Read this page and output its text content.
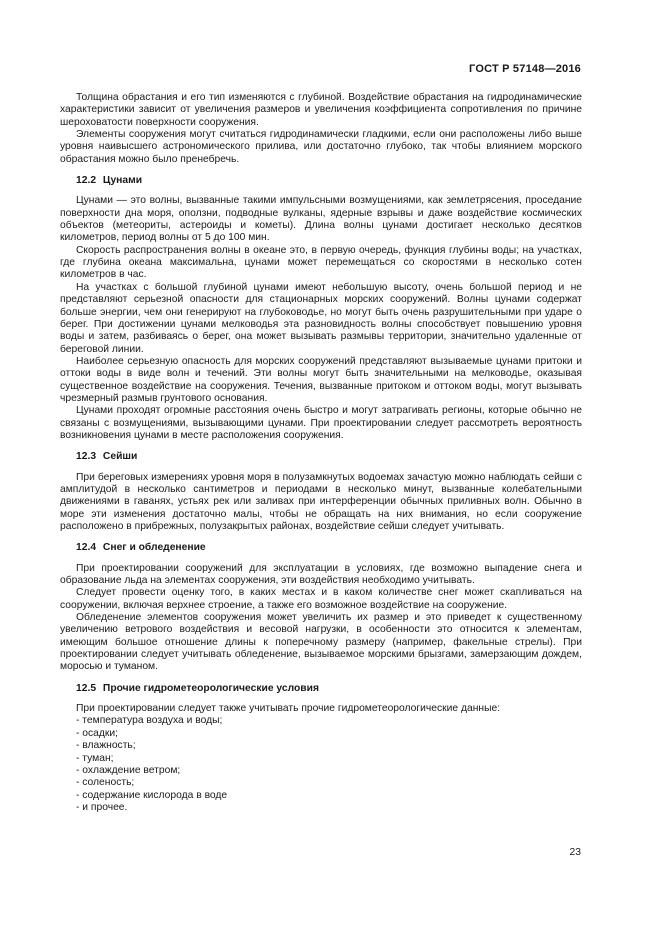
ГОСТ Р 57148—2016

Толщина обрастания и его тип изменяются с глубиной. Воздействие обрастания на гидродинамические характеристики зависит от увеличения размеров и увеличения коэффициента сопротивления по причине шероховатости поверхности сооружения.

Элементы сооружения могут считаться гидродинамически гладкими, если они расположены либо выше уровня наивысшего астрономического прилива, или достаточно глубоко, так чтобы влиянием морского обрастания можно было пренебречь.

12.2 Цунами

Цунами — это волны, вызванные такими импульсными возмущениями, как землетрясения, проседание поверхности дна моря, оползни, подводные вулканы, ядерные взрывы и даже воздействие космических объектов (метеориты, астероиды и кометы). Длина волны цунами достигает несколько десятков километров, период волны от 5 до 100 мин.

Скорость распространения волны в океане это, в первую очередь, функция глубины воды; на участках, где глубина океана максимальна, цунами может перемещаться со скоростями в несколько сотен километров в час.

На участках с большой глубиной цунами имеют небольшую высоту, очень большой период и не представляют серьезной опасности для стационарных морских сооружений. Волны цунами содержат больше энергии, чем они генерируют на глубоководье, но могут быть очень разрушительными при ударе о берег. При достижении цунами мелководья эта разновидность волны способствует повышению уровня воды и затем, разбиваясь о берег, она может вызывать размывы территории, значительно удаленные от береговой линии.

Наиболее серьезную опасность для морских сооружений представляют вызываемые цунами притоки и оттоки воды в виде волн и течений. Эти волны могут быть значительными на мелководье, оказывая существенное воздействие на сооружения. Течения, вызванные притоком и оттоком воды, могут вызывать чрезмерный размыв грунтового основания.

Цунами проходят огромные расстояния очень быстро и могут затрагивать регионы, которые обычно не связаны с возмущениями, вызывающими цунами. При проектировании следует рассмотреть вероятность возникновения цунами в месте расположения сооружения.

12.3 Сейши

При береговых измерениях уровня моря в полузамкнутых водоемах зачастую можно наблюдать сейши с амплитудой в несколько сантиметров и периодами в несколько минут, вызванные колебательными движениями в гаванях, устьях рек или заливах при интерференции обычных приливных волн. Обычно в море эти изменения достаточно малы, чтобы не обращать на них внимания, но если сооружение расположено в прибрежных, полузакрытых районах, воздействие сейши следует учитывать.

12.4 Снег и обледенение

При проектировании сооружений для эксплуатации в условиях, где возможно выпадение снега и образование льда на элементах сооружения, эти воздействия необходимо учитывать.

Следует провести оценку того, в каких местах и в каком количестве снег может скапливаться на сооружении, включая верхнее строение, а также его возможное воздействие на сооружение.

Обледенение элементов сооружения может увеличить их размер и это приведет к существенному увеличению ветрового воздействия и весовой нагрузки, в особенности это относится к элементам, имеющим большое отношение длины к поперечному размеру (например, факельные стрелы). При проектировании следует учитывать обледенение, вызываемое морскими брызгами, замерзающим дождем, моросью и туманом.

12.5 Прочие гидрометеорологические условия

При проектировании следует также учитывать прочие гидрометеорологические данные:

- температура воздуха и воды;
- осадки;
- влажность;
- туман;
- охлаждение ветром;
- соленость;
- содержание кислорода в воде
- и прочее.
23
